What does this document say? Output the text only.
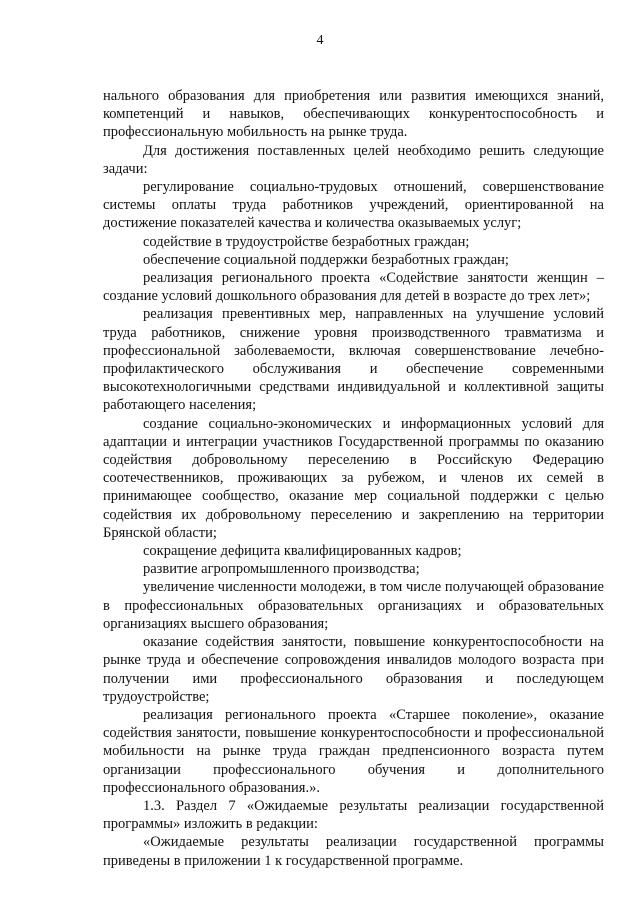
4

нального образования для приобретения или развития имеющихся знаний, компетенций и навыков, обеспечивающих конкурентоспособность и профессиональную мобильность на рынке труда.

Для достижения поставленных целей необходимо решить следующие задачи:

регулирование социально-трудовых отношений, совершенствование системы оплаты труда работников учреждений, ориентированной на достижение показателей качества и количества оказываемых услуг;

содействие в трудоустройстве безработных граждан;

обеспечение социальной поддержки безработных граждан;

реализация регионального проекта «Содействие занятости женщин – создание условий дошкольного образования для детей в возрасте до трех лет»;

реализация превентивных мер, направленных на улучшение условий труда работников, снижение уровня производственного травматизма и профессиональной заболеваемости, включая совершенствование лечебно-профилактического обслуживания и обеспечение современными высокотехнологичными средствами индивидуальной и коллективной защиты работающего населения;

создание социально-экономических и информационных условий для адаптации и интеграции участников Государственной программы по оказанию содействия добровольному переселению в Российскую Федерацию соотечественников, проживающих за рубежом, и членов их семей в принимающее сообщество, оказание мер социальной поддержки с целью содействия их добровольному переселению и закреплению на территории Брянской области;

сокращение дефицита квалифицированных кадров;

развитие агропромышленного производства;

увеличение численности молодежи, в том числе получающей образование в профессиональных образовательных организациях и образовательных организациях высшего образования;

оказание содействия занятости, повышение конкурентоспособности на рынке труда и обеспечение сопровождения инвалидов молодого возраста при получении ими профессионального образования и последующем трудоустройстве;

реализация регионального проекта «Старшее поколение», оказание содействия занятости, повышение конкурентоспособности и профессиональной мобильности на рынке труда граждан предпенсионного возраста путем организации профессионального обучения и дополнительного профессионального образования.».

1.3. Раздел 7 «Ожидаемые результаты реализации государственной программы» изложить в редакции:

«Ожидаемые результаты реализации государственной программы приведены в приложении 1 к государственной программе.
